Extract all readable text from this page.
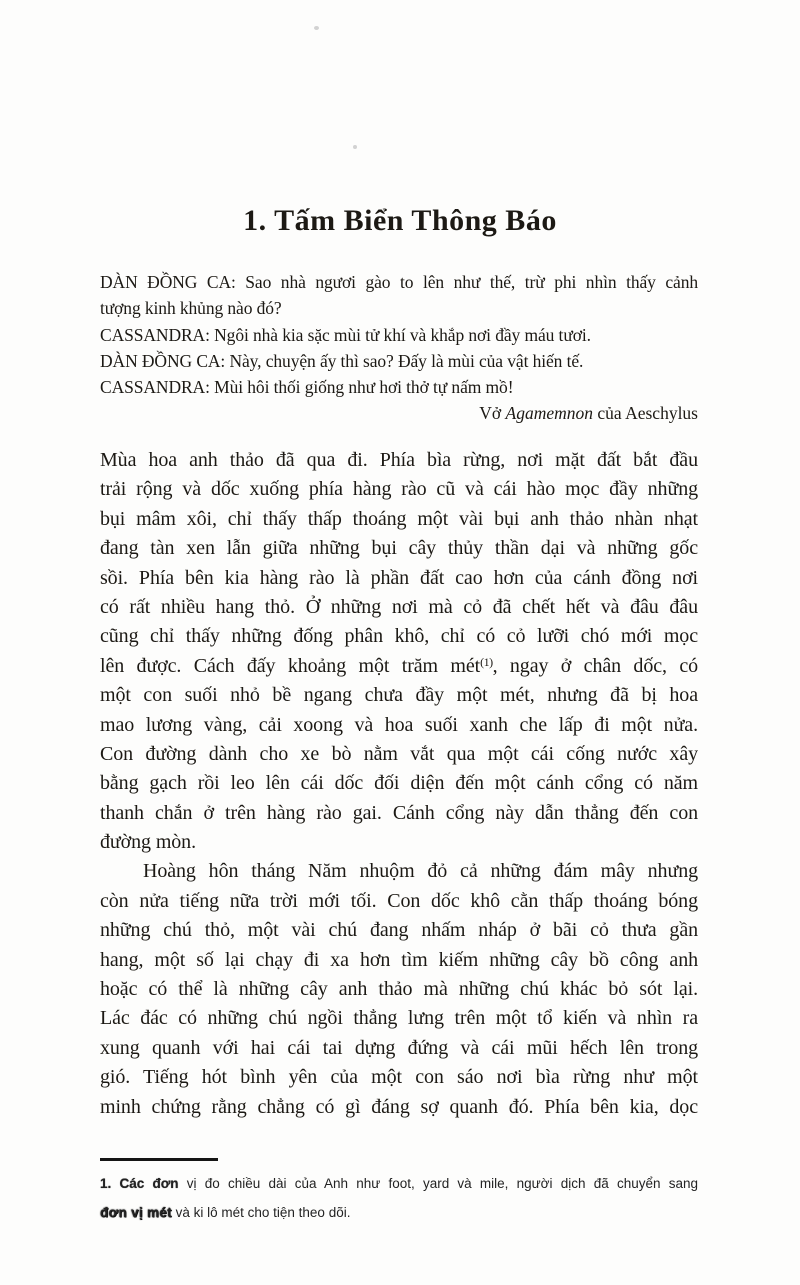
1. Tấm Biển Thông Báo
DÀN ĐỒNG CA: Sao nhà ngươi gào to lên như thế, trừ phi nhìn thấy cảnh
tượng kinh khủng nào đó?
CASSANDRA: Ngôi nhà kia sặc mùi tử khí và khắp nơi đầy máu tươi.
DÀN ĐỒNG CA: Này, chuyện ấy thì sao? Đấy là mùi của vật hiến tế.
CASSANDRA: Mùi hôi thối giống như hơi thở tự nấm mồ!
Vở Agamemnon của Aeschylus
Mùa hoa anh thảo đã qua đi. Phía bìa rừng, nơi mặt đất bắt đầu
trải rộng và dốc xuống phía hàng rào cũ và cái hào mọc đầy những
bụi mâm xôi, chỉ thấy thấp thoáng một vài bụi anh thảo nhàn nhạt
đang tàn xen lẫn giữa những bụi cây thủy thần dại và những gốc
sồi. Phía bên kia hàng rào là phần đất cao hơn của cánh đồng nơi
có rất nhiều hang thỏ. Ở những nơi mà cỏ đã chết hết và đâu đâu
cũng chỉ thấy những đống phân khô, chỉ có cỏ lưỡi chó mới mọc
lên được. Cách đấy khoảng một trăm mét$^{(1)}$, ngay ở chân dốc, có
một con suối nhỏ bề ngang chưa đầy một mét, nhưng đã bị hoa
mao lương vàng, cải xoong và hoa suối xanh che lấp đi một nửa.
Con đường dành cho xe bò nằm vắt qua một cái cống nước xây
bằng gạch rồi leo lên cái dốc đối diện đến một cánh cổng có năm
thanh chắn ở trên hàng rào gai. Cánh cổng này dẫn thẳng đến con
đường mòn.
Hoàng hôn tháng Năm nhuộm đỏ cả những đám mây nhưng
còn nửa tiếng nữa trời mới tối. Con dốc khô cằn thấp thoáng bóng
những chú thỏ, một vài chú đang nhấm nháp ở bãi cỏ thưa gần
hang, một số lại chạy đi xa hơn tìm kiếm những cây bồ công anh
hoặc có thể là những cây anh thảo mà những chú khác bỏ sót lại.
Lác đác có những chú ngồi thẳng lưng trên một tổ kiến và nhìn ra
xung quanh với hai cái tai dựng đứng và cái mũi hếch lên trong
gió. Tiếng hót bình yên của một con sáo nơi bìa rừng như một
minh chứng rằng chẳng có gì đáng sợ quanh đó. Phía bên kia, dọc
1. Các đơn vị đo chiều dài của Anh như foot, yard và mile, người dịch đã chuyển sang
đơn vị mét và ki lô mét cho tiện theo dõi.
